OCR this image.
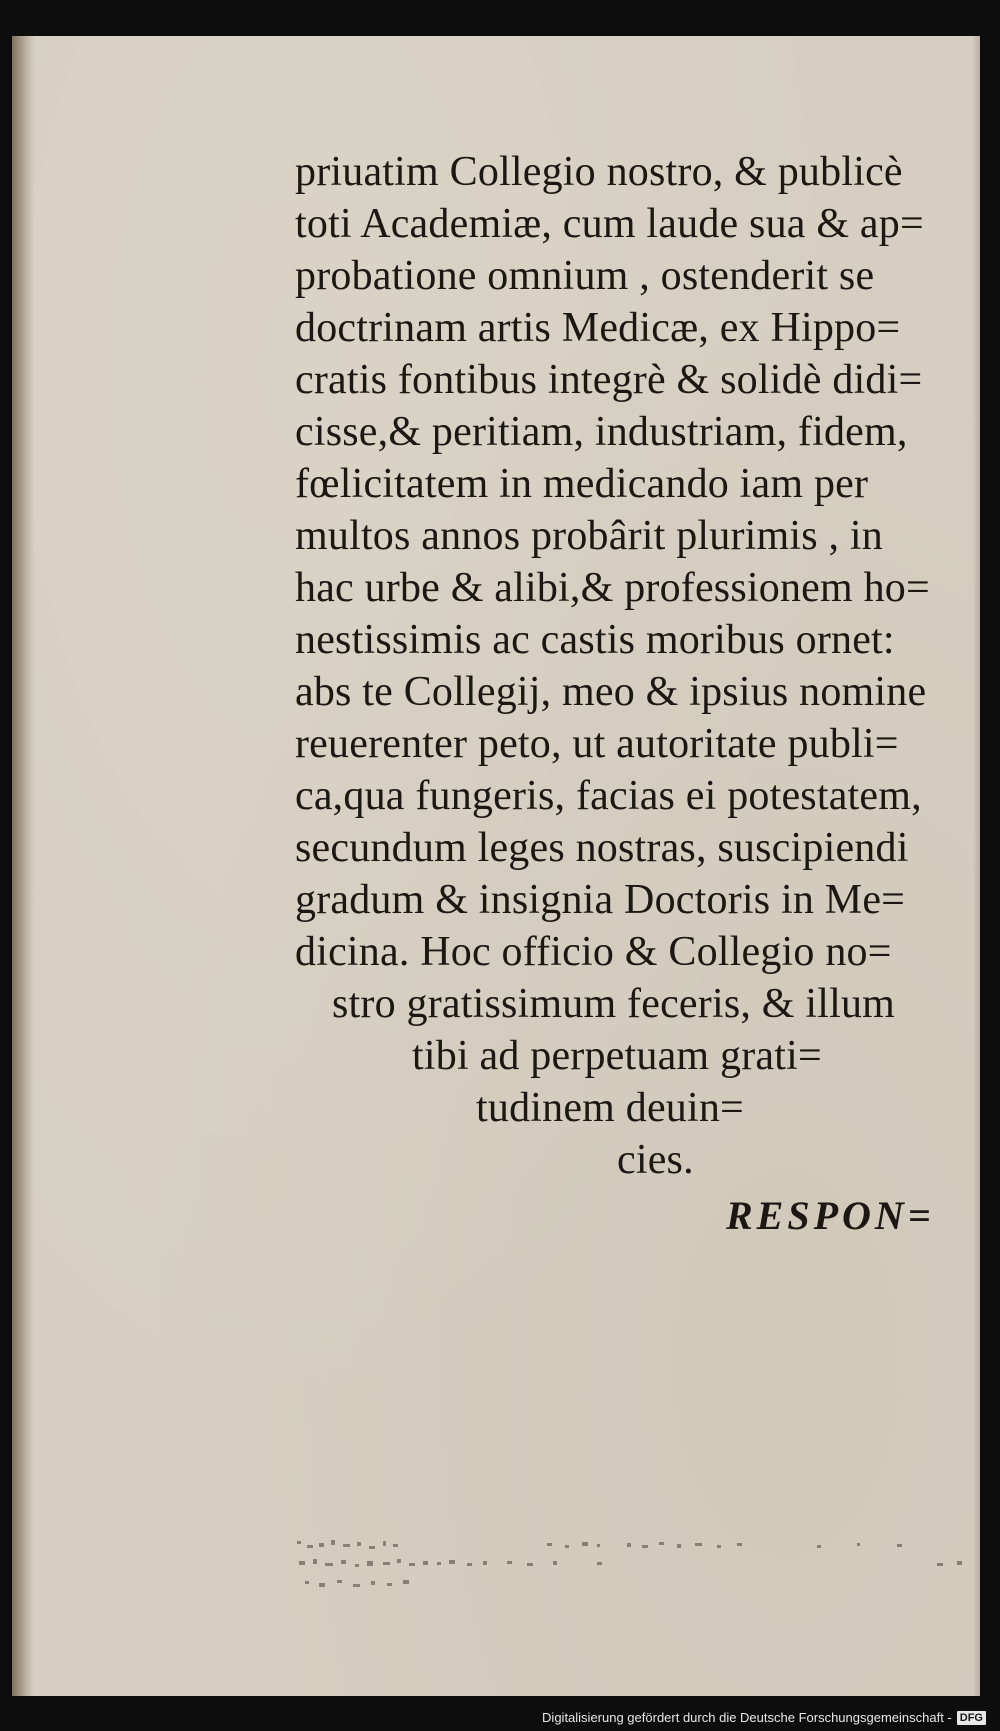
priuatim Collegio nostro, & publicè
toti Academiæ, cum laude sua & ap=
probatione omnium , ostenderit se
doctrinam artis Medicæ, ex Hippo=
cratis fontibus integrè & solidè didi=
cisse,& peritiam, industriam, fidem,
fœlicitatem in medicando iam per
multos annos probârit plurimis , in
hac urbe & alibi,& professionem ho=
nestissimis ac castis moribus ornet:
abs te Collegij, meo & ipsius nomine
reuerenter peto, ut autoritate publi=
ca,qua fungeris, facias ei potestatem,
secundum leges nostras, suscipiendi
gradum & insignia Doctoris in Me=
dicina. Hoc officio & Collegio no=
stro gratissimum feceris, & illum
tibi ad perpetuam grati=
tudinem deuin=
cies.
RESPON=
Digitalisierung gefördert durch die Deutsche Forschungsgemeinschaft - DFG
